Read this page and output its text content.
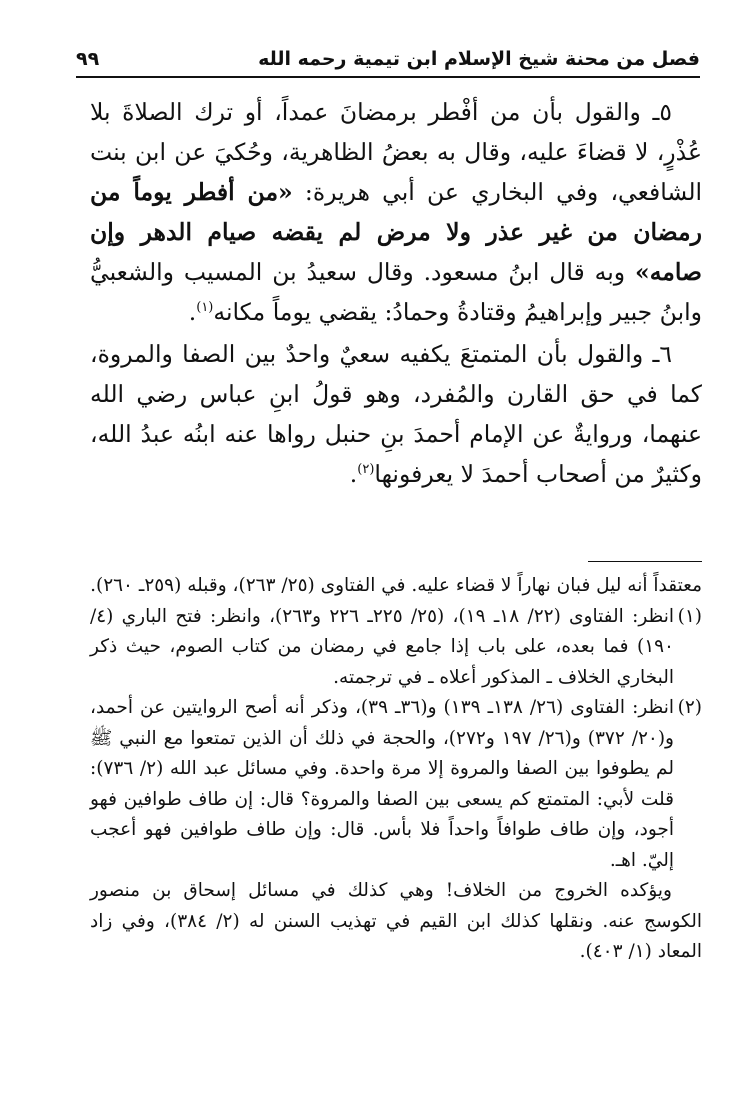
فصل من محنة شيخ الإسلام ابن تيمية رحمه الله
٩٩

٥ـ والقول بأن من أفْطر برمضانَ عمداً، أو ترك الصلاةَ بلا عُذْرٍ، لا قضاءَ عليه، وقال به بعضُ الظاهرية، وحُكيَ عن ابن بنت الشافعي، وفي البخاري عن أبي هريرة: «من أفطر يوماً من رمضان من غير عذر ولا مرض لم يقضه صيام الدهر وإن صامه» وبه قال ابنُ مسعود. وقال سعيدُ بن المسيب والشعبيُّ وابنُ جبير وإبراهيمُ وقتادةُ وحمادُ: يقضي يوماً مكانه$^{(١)}$.

٦ـ والقول بأن المتمتعَ يكفيه سعيٌ واحدٌ بين الصفا والمروة، كما في حق القارن والمُفرد، وهو قولُ ابنِ عباس رضي الله عنهما، وروايةٌ عن الإمام أحمدَ بنِ حنبل رواها عنه ابنُه عبدُ الله، وكثيرٌ من أصحاب أحمدَ لا يعرفونها$^{(٢)}$.

معتقداً أنه ليل فبان نهاراً لا قضاء عليه. في الفتاوى (٢٥/ ٢٦٣)، وقبله (٢٥٩ـ ٢٦٠).

(١)
انظر: الفتاوى (٢٢/ ١٨ـ ١٩)، (٢٥/ ٢٢٥ـ ٢٢٦ و٢٦٣)، وانظر: فتح الباري (٤/ ١٩٠) فما بعده، على باب إذا جامع في رمضان من كتاب الصوم، حيث ذكر البخاري الخلاف ـ المذكور أعلاه ـ في ترجمته.
(٢)
انظر: الفتاوى (٢٦/ ١٣٨ـ ١٣٩) و(٣٦ـ ٣٩)، وذكر أنه أصح الروايتين عن أحمد، و(٢٠/ ٣٧٢) و(٢٦/ ١٩٧ و٢٧٢)، والحجة في ذلك أن الذين تمتعوا مع النبي ﷺ لم يطوفوا بين الصفا والمروة إلا مرة واحدة. وفي مسائل عبد الله (٢/ ٧٣٦): قلت لأبي: المتمتع كم يسعى بين الصفا والمروة؟ قال: إن طاف طوافين فهو أجود، وإن طاف طوافاً واحداً فلا بأس. قال: وإن طاف طوافين فهو أعجب إليّ. اهـ.

ويؤكده الخروج من الخلاف! وهي كذلك في مسائل إسحاق بن منصور الكوسج عنه. ونقلها كذلك ابن القيم في تهذيب السنن له (٢/ ٣٨٤)، وفي زاد المعاد (١/ ٤٠٣).
